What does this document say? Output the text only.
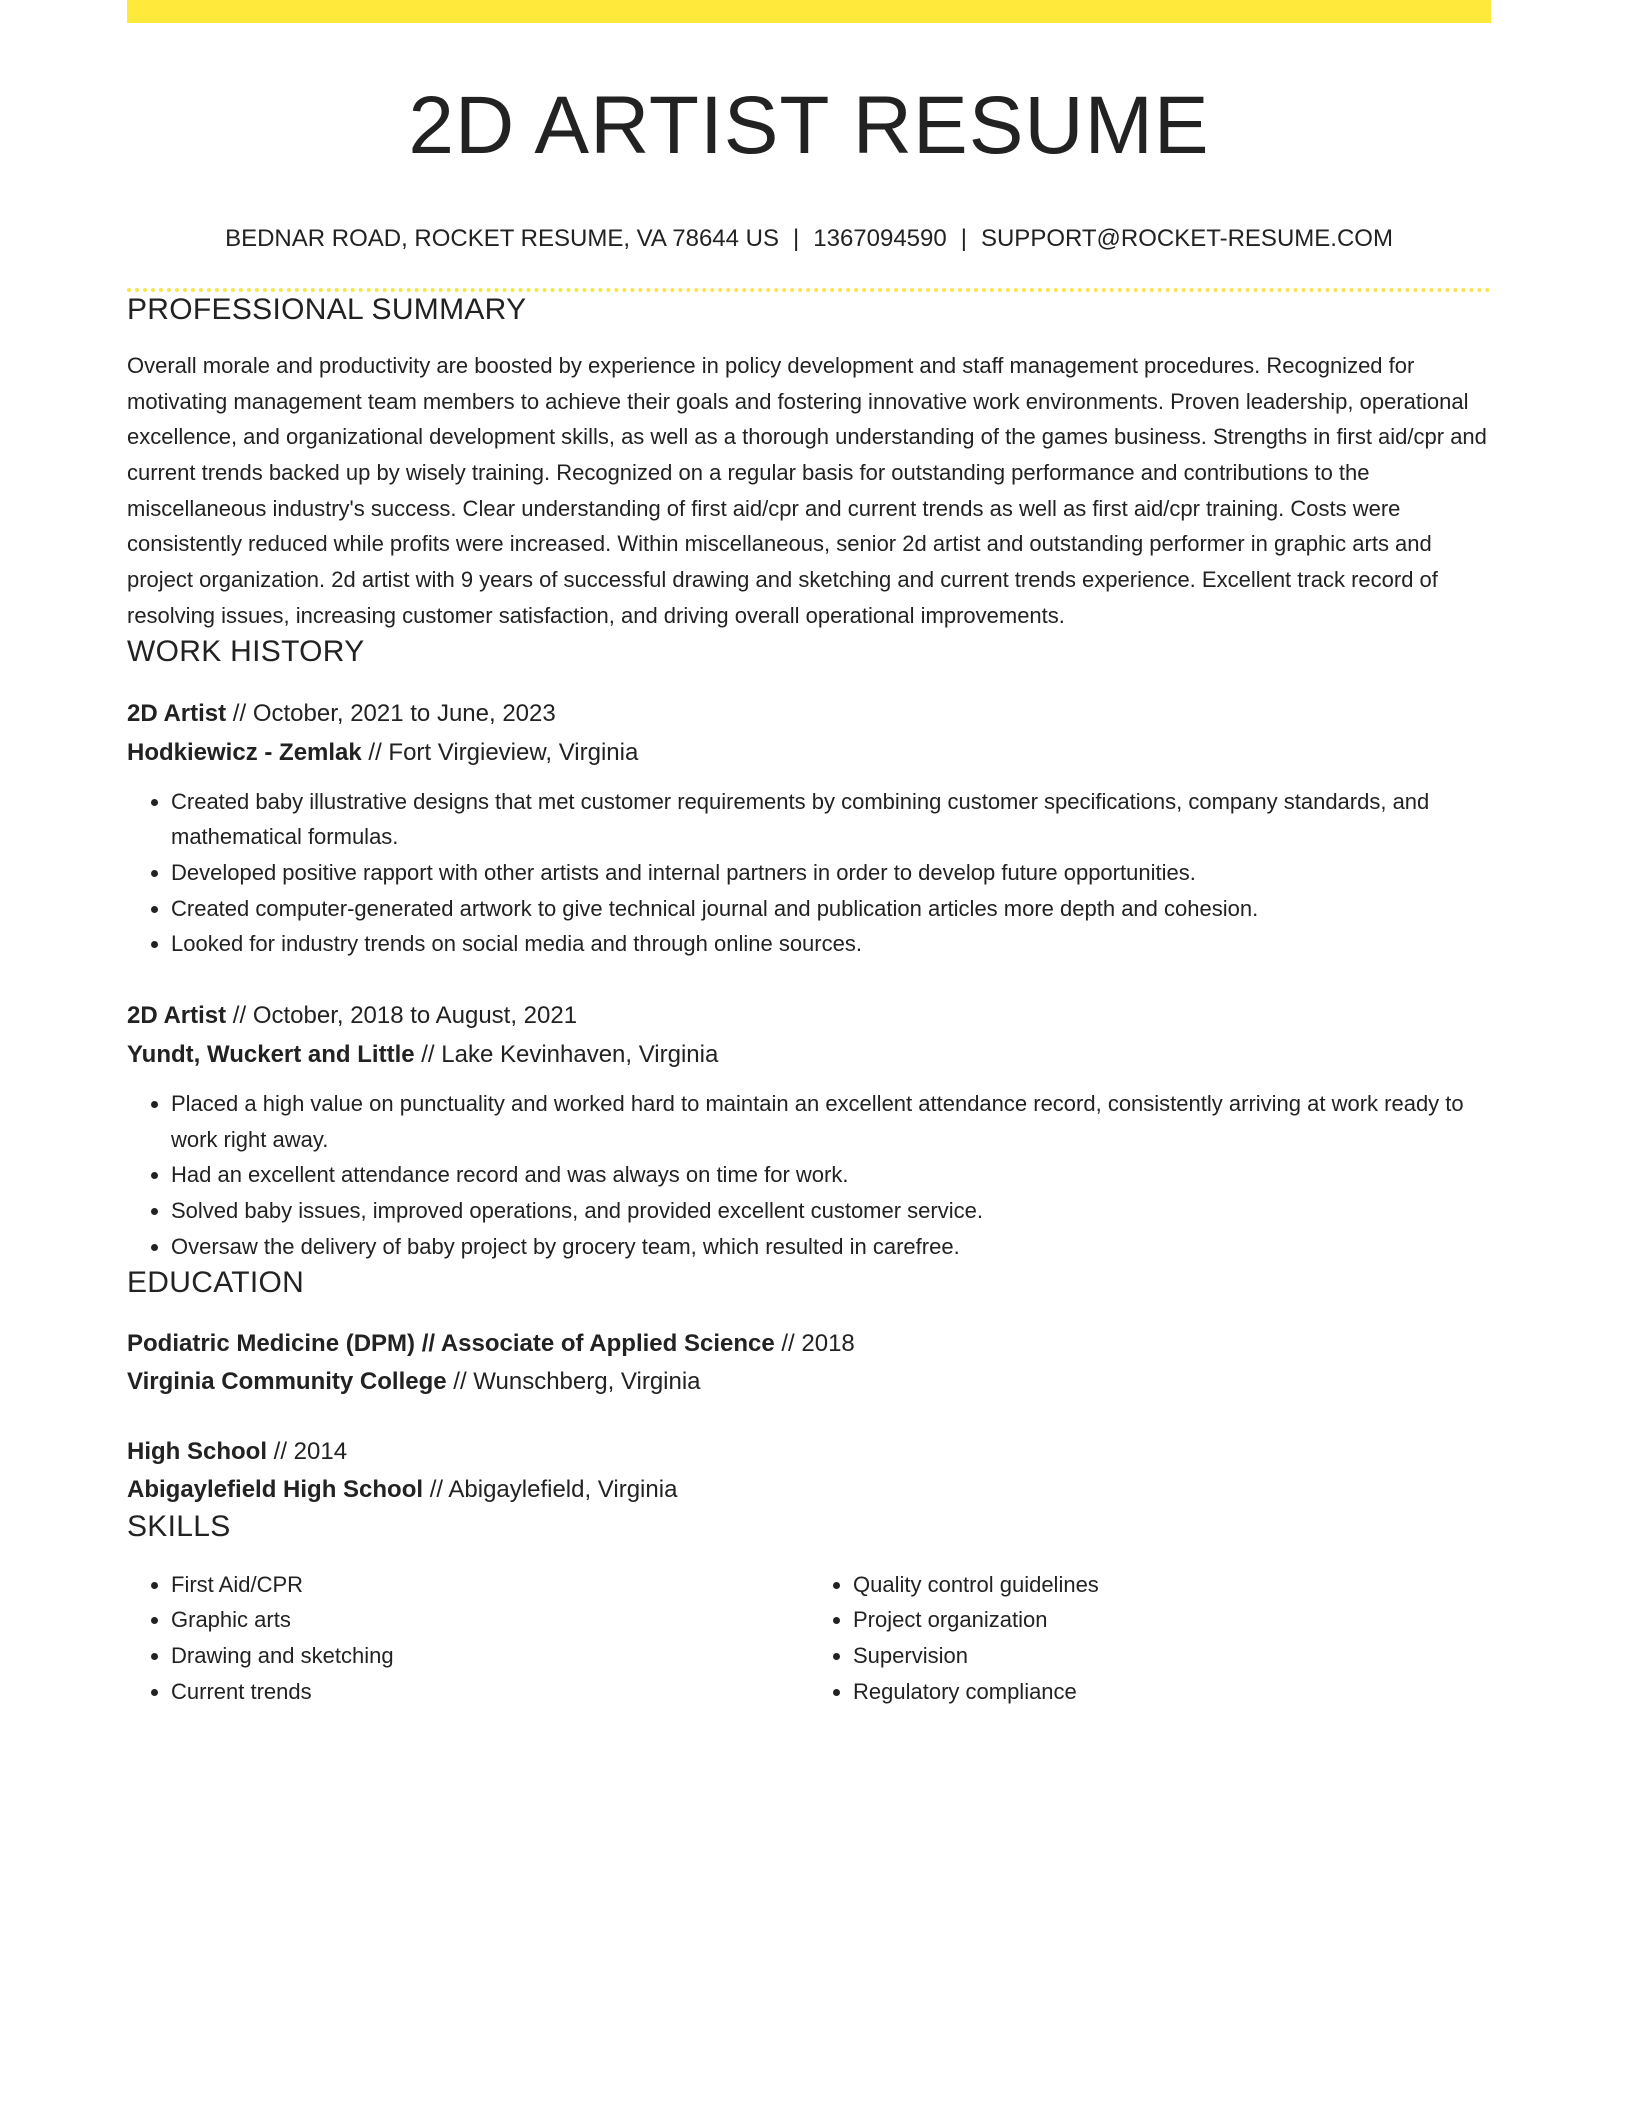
2D ARTIST RESUME
BEDNAR ROAD, ROCKET RESUME, VA 78644 US | 1367094590 | SUPPORT@ROCKET-RESUME.COM
PROFESSIONAL SUMMARY
Overall morale and productivity are boosted by experience in policy development and staff management procedures. Recognized for motivating management team members to achieve their goals and fostering innovative work environments. Proven leadership, operational excellence, and organizational development skills, as well as a thorough understanding of the games business. Strengths in first aid/cpr and current trends backed up by wisely training. Recognized on a regular basis for outstanding performance and contributions to the miscellaneous industry's success. Clear understanding of first aid/cpr and current trends as well as first aid/cpr training. Costs were consistently reduced while profits were increased. Within miscellaneous, senior 2d artist and outstanding performer in graphic arts and project organization. 2d artist with 9 years of successful drawing and sketching and current trends experience. Excellent track record of resolving issues, increasing customer satisfaction, and driving overall operational improvements.
WORK HISTORY
2D Artist // October, 2021 to June, 2023
Hodkiewicz - Zemlak // Fort Virgieview, Virginia
• Created baby illustrative designs that met customer requirements by combining customer specifications, company standards, and mathematical formulas.
• Developed positive rapport with other artists and internal partners in order to develop future opportunities.
• Created computer-generated artwork to give technical journal and publication articles more depth and cohesion.
• Looked for industry trends on social media and through online sources.
2D Artist // October, 2018 to August, 2021
Yundt, Wuckert and Little // Lake Kevinhaven, Virginia
• Placed a high value on punctuality and worked hard to maintain an excellent attendance record, consistently arriving at work ready to work right away.
• Had an excellent attendance record and was always on time for work.
• Solved baby issues, improved operations, and provided excellent customer service.
• Oversaw the delivery of baby project by grocery team, which resulted in carefree.
EDUCATION
Podiatric Medicine (DPM) // Associate of Applied Science // 2018
Virginia Community College // Wunschberg, Virginia
High School // 2014
Abigaylefield High School // Abigaylefield, Virginia
SKILLS
• First Aid/CPR
• Graphic arts
• Drawing and sketching
• Current trends
• Quality control guidelines
• Project organization
• Supervision
• Regulatory compliance
